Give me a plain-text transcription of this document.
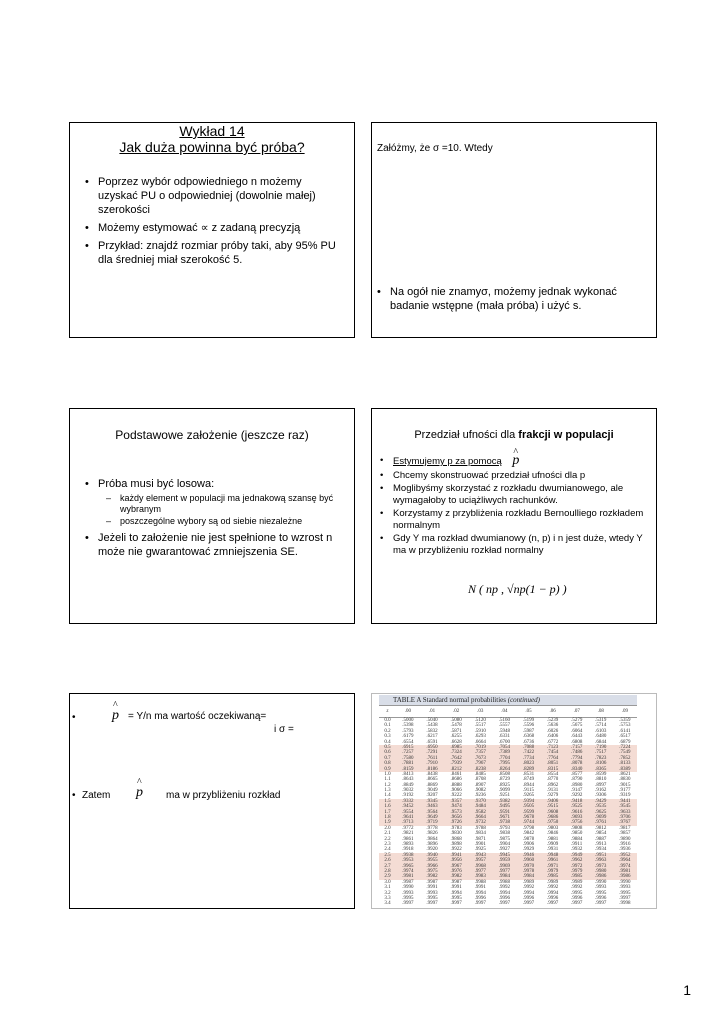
Wykład 14
Jak duża powinna być próba?
• Poprzez wybór odpowiedniego n możemy uzyskać PU o odpowiedniej (dowolnie małej) szerokości
• Możemy estymować ∝ z zadaną precyzją
• Przykład: znajdź rozmiar próby taki, aby 95% PU dla średniej miał szerokość 5.
Załóżmy, że σ =10. Wtedy
• Na ogół nie znamyσ, możemy jednak wykonać badanie wstępne (mała próba) i użyć s.
Podstawowe założenie (jeszcze raz)
• Próba musi być losowa:
– każdy element w populacji ma jednakową szansę być wybranym
– poszczególne wybory są od siebie niezależne
• Jeżeli to założenie nie jest spełnione to wzrost n może nie gwarantować zmniejszenia SE.
Przedział ufności dla frakcji w populacji
• Estymujemy p za pomocą ^ p
• Chcemy skonstruować przedział ufności dla p
• Moglibyśmy skorzystać z rozkładu dwumianowego, ale wymagałoby to uciążliwych rachunków.
• Korzystamy z przybliżenia rozkładu Bernoulliego rozkładem normalnym
• Gdy Y ma rozkład dwumianowy (n, p) i n jest duże, wtedy Y ma w przybliżeniu rozkład normalny
N ( np , √np(1 − p) )
•	^ p = Y/n ma wartość oczekiwaną=
i σ =
• Zatem ^ p ma w przybliżeniu rozkład
TABLE A Standard normal probabilities (continued)
z	.00	.01	.02	.03	.04	.05	.06	.07	.08	.09
0.0	.5000	.5040	.5080	.5120	.5160	.5199	.5239	.5279	.5319	.5359
0.1	.5398	.5438	.5478	.5517	.5557	.5596	.5636	.5675	.5714	.5753
0.2	.5793	.5832	.5871	.5910	.5948	.5987	.6026	.6064	.6103	.6141
0.3	.6179	.6217	.6255	.6293	.6331	.6368	.6406	.6443	.6480	.6517
0.4	.6554	.6591	.6628	.6664	.6700	.6736	.6772	.6808	.6844	.6879
0.5	.6915	.6950	.6985	.7019	.7054	.7088	.7123	.7157	.7190	.7224
0.6	.7257	.7291	.7324	.7357	.7389	.7422	.7454	.7486	.7517	.7549
0.7	.7580	.7611	.7642	.7673	.7704	.7734	.7764	.7794	.7823	.7852
0.8	.7881	.7910	.7939	.7967	.7995	.8023	.8051	.8078	.8106	.8133
0.9	.8159	.8186	.8212	.8238	.8264	.8289	.8315	.8340	.8365	.8389
1.0	.8413	.8438	.8461	.8485	.8508	.8531	.8554	.8577	.8599	.8621
1.1	.8643	.8665	.8686	.8708	.8729	.8749	.8770	.8790	.8810	.8830
1.2	.8849	.8869	.8888	.8907	.8925	.8944	.8962	.8980	.8997	.9015
1.3	.9032	.9049	.9066	.9082	.9099	.9115	.9131	.9147	.9162	.9177
1.4	.9192	.9207	.9222	.9236	.9251	.9265	.9279	.9292	.9306	.9319
1.5	.9332	.9345	.9357	.9370	.9382	.9394	.9406	.9418	.9429	.9441
1.6	.9452	.9463	.9474	.9484	.9495	.9505	.9515	.9525	.9535	.9545
1.7	.9554	.9564	.9573	.9582	.9591	.9599	.9608	.9616	.9625	.9633
1.8	.9641	.9649	.9656	.9664	.9671	.9678	.9686	.9693	.9699	.9706
1.9	.9713	.9719	.9726	.9732	.9738	.9744	.9750	.9756	.9761	.9767
2.0	.9772	.9778	.9783	.9788	.9793	.9798	.9803	.9808	.9812	.9817
2.1	.9821	.9826	.9830	.9834	.9838	.9842	.9846	.9850	.9854	.9857
2.2	.9861	.9864	.9868	.9871	.9875	.9878	.9881	.9884	.9887	.9890
2.3	.9893	.9896	.9898	.9901	.9904	.9906	.9909	.9911	.9913	.9916
2.4	.9918	.9920	.9922	.9925	.9927	.9929	.9931	.9932	.9934	.9936
2.5	.9938	.9940	.9941	.9943	.9945	.9946	.9948	.9949	.9951	.9952
2.6	.9953	.9955	.9956	.9957	.9959	.9960	.9961	.9962	.9963	.9964
2.7	.9965	.9966	.9967	.9968	.9969	.9970	.9971	.9972	.9973	.9974
2.8	.9974	.9975	.9976	.9977	.9977	.9978	.9979	.9979	.9980	.9981
2.9	.9981	.9982	.9982	.9983	.9984	.9984	.9985	.9985	.9986	.9986
3.0	.9987	.9987	.9987	.9988	.9988	.9989	.9989	.9989	.9990	.9990
3.1	.9990	.9991	.9991	.9991	.9992	.9992	.9992	.9992	.9993	.9993
3.2	.9993	.9993	.9994	.9994	.9994	.9994	.9994	.9995	.9995	.9995
3.3	.9995	.9995	.9995	.9996	.9996	.9996	.9996	.9996	.9996	.9997
3.4	.9997	.9997	.9997	.9997	.9997	.9997	.9997	.9997	.9997	.9998
1
